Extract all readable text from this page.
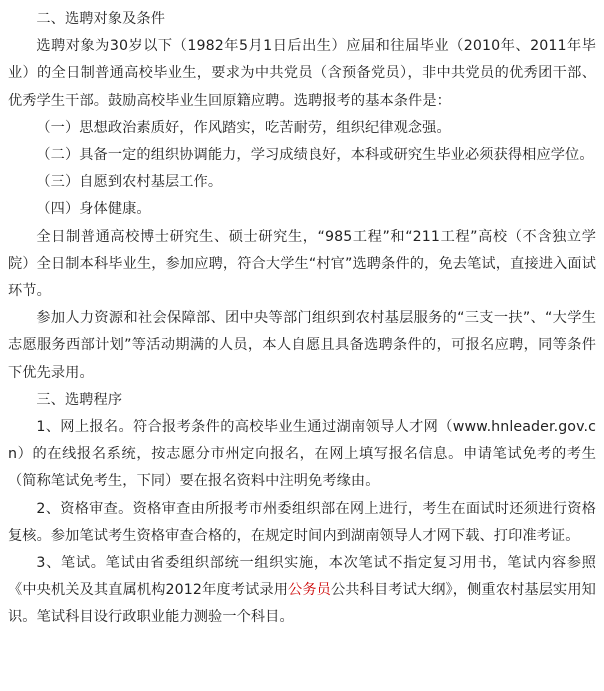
二、选聘对象及条件

选聘对象为30岁以下（1982年5月1日后出生）应届和往届毕业（2010年、2011年毕业）的全日制普通高校毕业生，要求为中共党员（含预备党员），非中共党员的优秀团干部、优秀学生干部。鼓励高校毕业生回原籍应聘。选聘报考的基本条件是：

（一）思想政治素质好，作风踏实，吃苦耐劳，组织纪律观念强。

（二）具备一定的组织协调能力，学习成绩良好，本科或研究生毕业必须获得相应学位。

（三）自愿到农村基层工作。

（四）身体健康。

全日制普通高校博士研究生、硕士研究生，“985工程”和“211工程”高校（不含独立学院）全日制本科毕业生，参加应聘，符合大学生“村官”选聘条件的，免去笔试，直接进入面试环节。

参加人力资源和社会保障部、团中央等部门组织到农村基层服务的“三支一扶”、“大学生志愿服务西部计划”等活动期满的人员，本人自愿且具备选聘条件的，可报名应聘，同等条件下优先录用。

三、选聘程序

1、网上报名。符合报考条件的高校毕业生通过湖南领导人才网（www.hnleader.gov.cn）的在线报名系统，按志愿分市州定向报名，在网上填写报名信息。申请笔试免考的考生（简称笔试免考生，下同）要在报名资料中注明免考缘由。

2、资格审查。资格审查由所报考市州委组织部在网上进行，考生在面试时还须进行资格复核。参加笔试考生资格审查合格的，在规定时间内到湖南领导人才网下载、打印准考证。

3、笔试。笔试由省委组织部统一组织实施，本次笔试不指定复习用书，笔试内容参照《中央机关及其直属机构2012年度考试录用公务员公共科目考试大纲》，侧重农村基层实用知识。笔试科目设行政职业能力测验一个科目。
